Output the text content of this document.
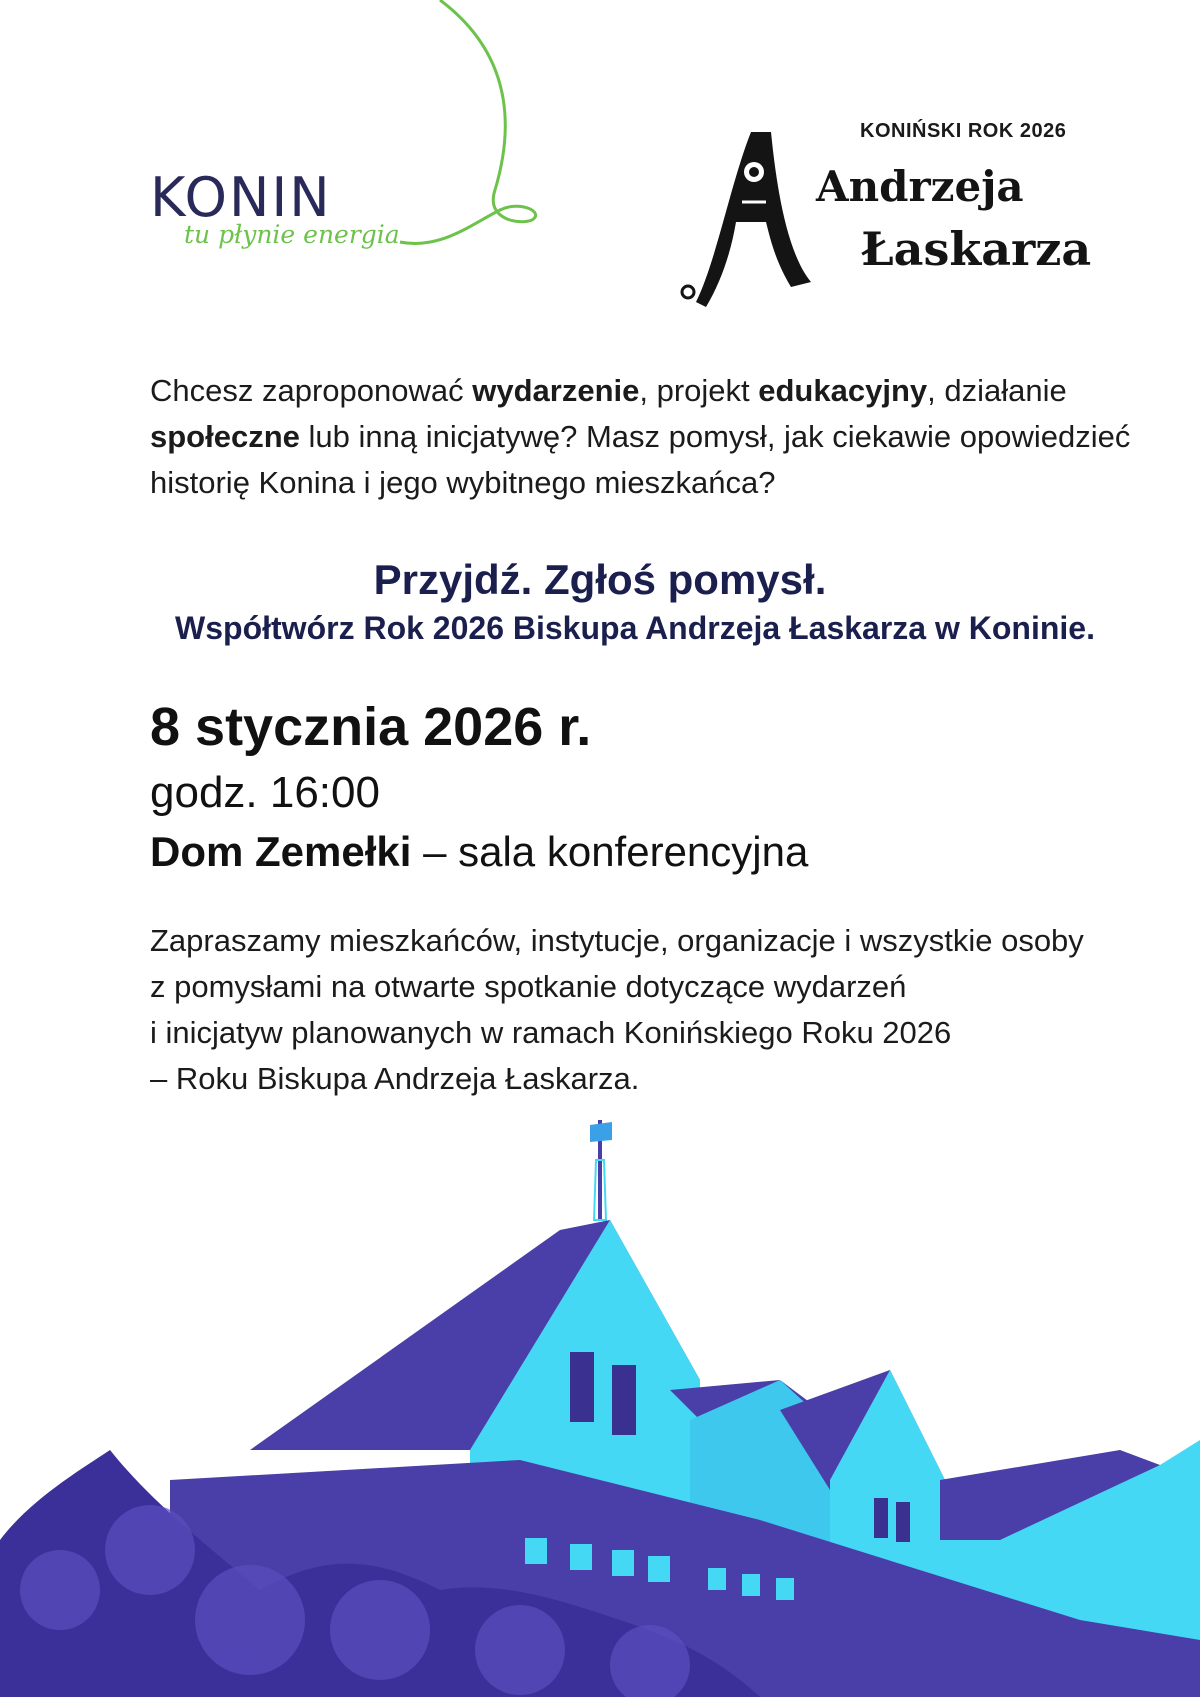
KONIN
tu płynie energia
KONIŃSKI ROK 2026
Andrzeja
Łaskarza
Chcesz zaproponować wydarzenie, projekt edukacyjny, działanie społeczne lub inną inicjatywę? Masz pomysł, jak ciekawie opowiedzieć historię Konina i jego wybitnego mieszkańca?
Przyjdź. Zgłoś pomysł.
Współtwórz Rok 2026 Biskupa Andrzeja Łaskarza w Koninie.
8 stycznia 2026 r.
godz. 16:00
Dom Zemełki – sala konferencyjna
Zapraszamy mieszkańców, instytucje, organizacje i wszystkie osoby
z pomysłami na otwarte spotkanie dotyczące wydarzeń
i inicjatyw planowanych w ramach Konińskiego Roku 2026
– Roku Biskupa Andrzeja Łaskarza.
